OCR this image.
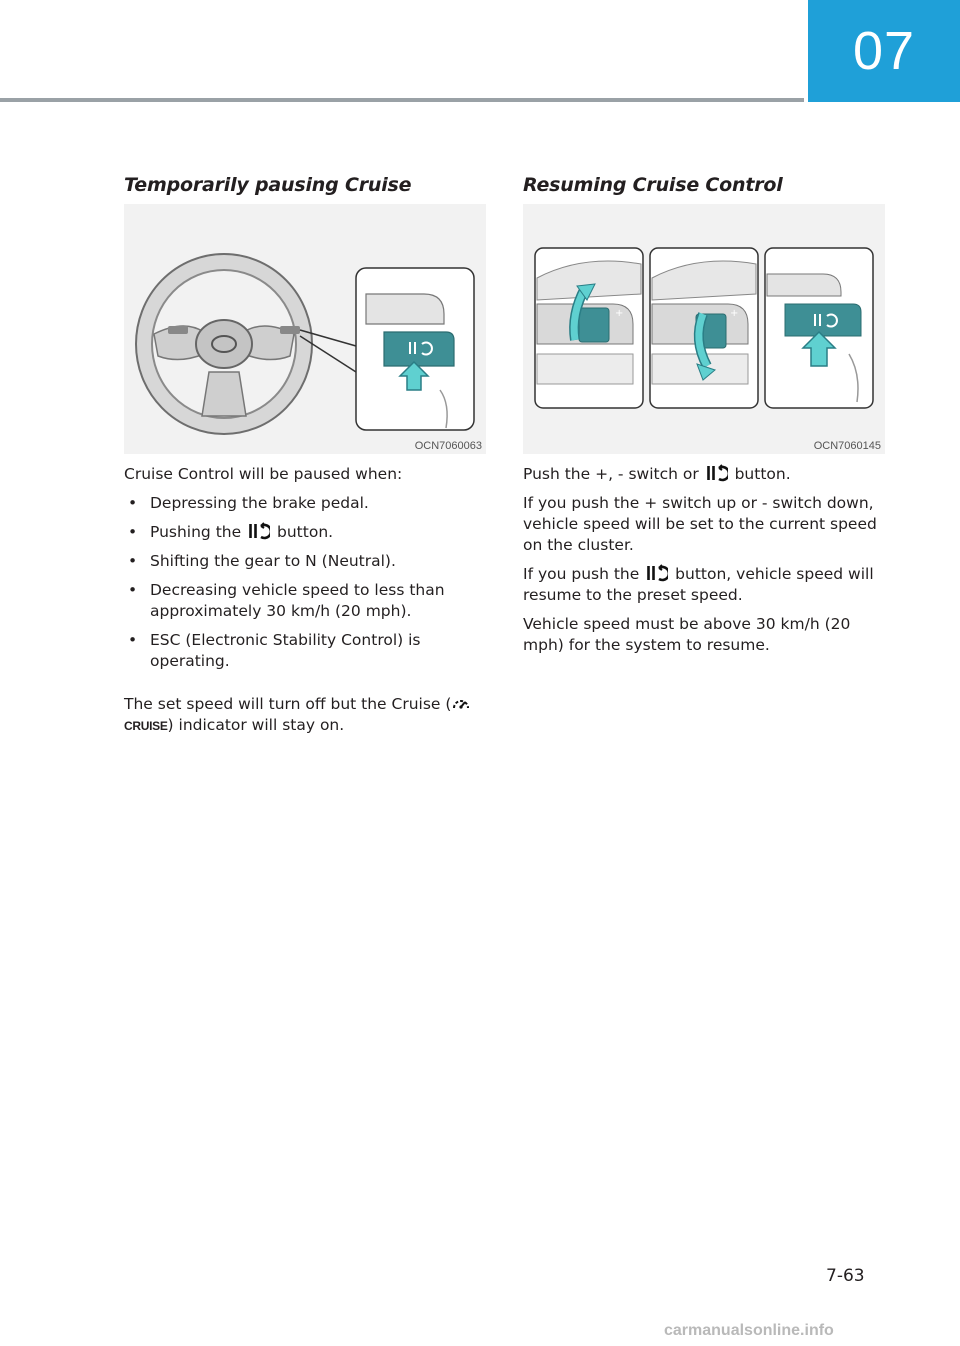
07
Temporarily pausing Cruise
OCN7060063

Cruise Control will be paused when:

• Depressing the brake pedal.
• Pushing the button.
• Shifting the gear to N (Neutral).
• Decreasing vehicle speed to less than approximately 30 km/h (20 mph).
• ESC (Electronic Stability Control) is operating.

The set speed will turn off but the Cruise (CRUISE) indicator will stay on.

Resuming Cruise Control
+	+
OCN7060145

Push the +, - switch or button.

If you push the + switch up or - switch down, vehicle speed will be set to the current speed on the cluster.

If you push the button, vehicle speed will resume to the preset speed.

Vehicle speed must be above 30 km/h (20 mph) for the system to resume.

7-63
carmanualsonline.info
